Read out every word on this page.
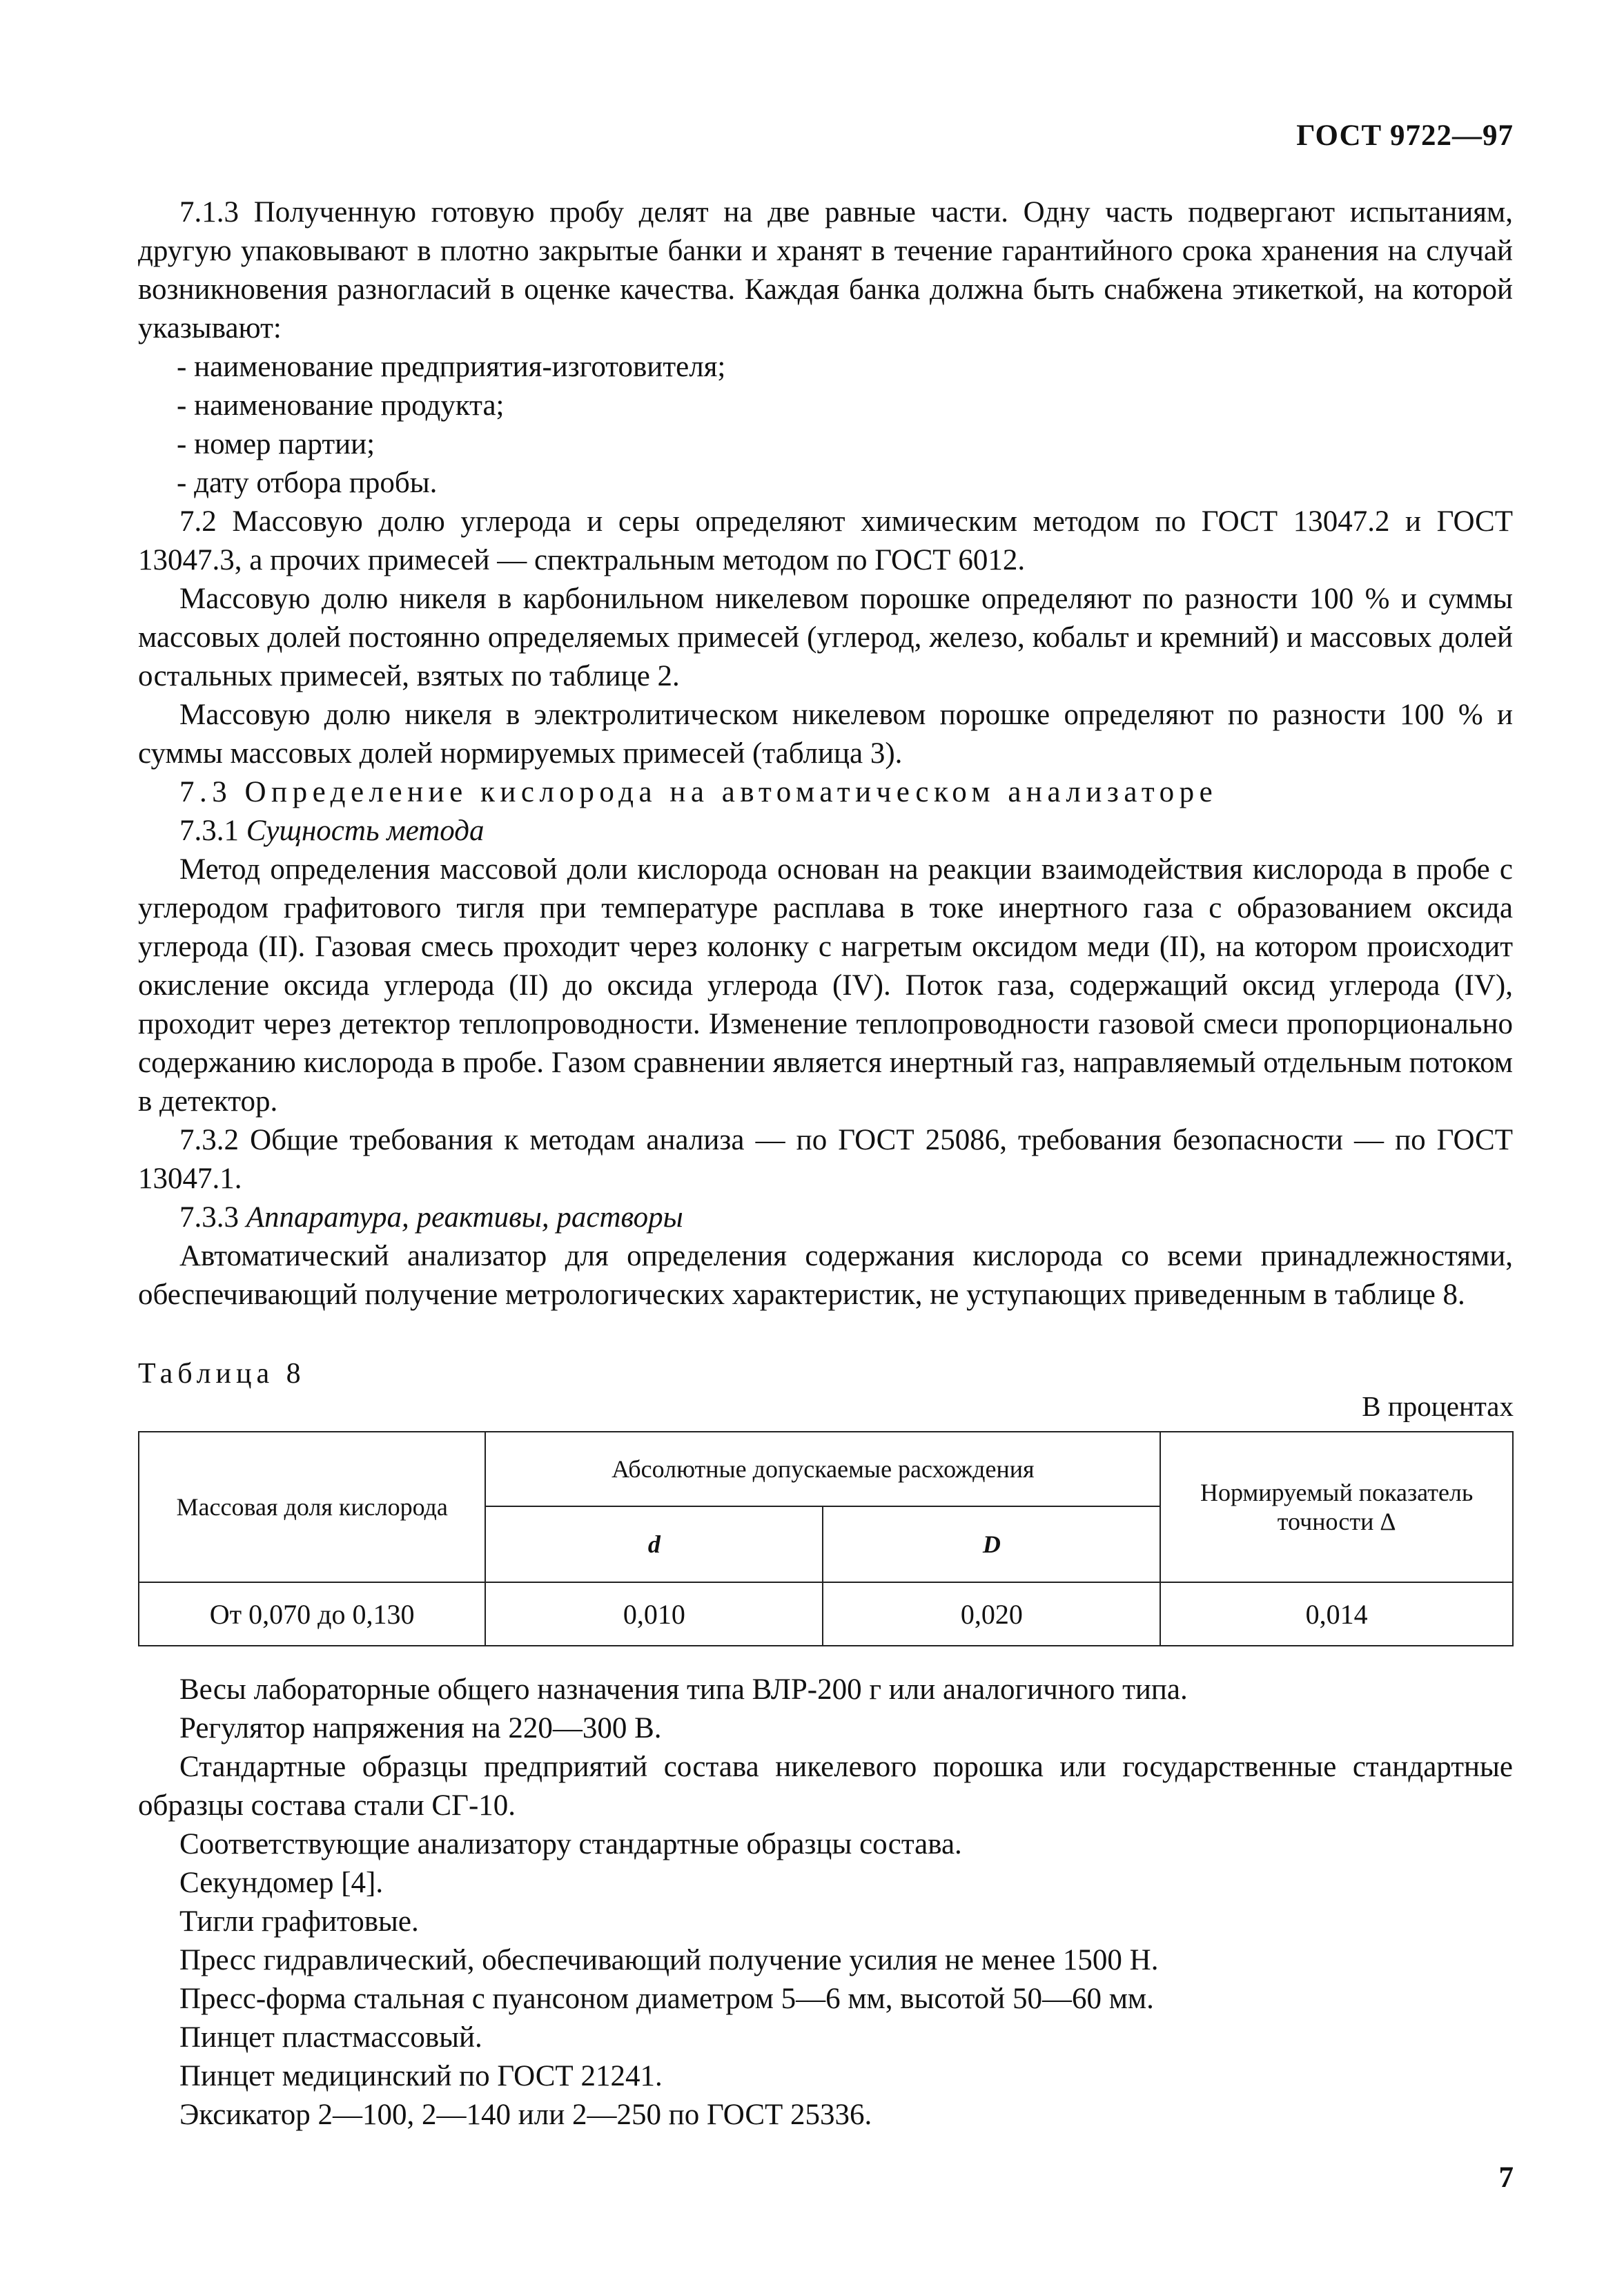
ГОСТ 9722—97

7.1.3 Полученную готовую пробу делят на две равные части. Одну часть подвергают испытаниям, другую упаковывают в плотно закрытые банки и хранят в течение гарантийного срока хранения на случай возникновения разногласий в оценке качества. Каждая банка должна быть снабжена этикеткой, на которой указывают:

- наименование предприятия-изготовителя;

- наименование продукта;

- номер партии;

- дату отбора пробы.

7.2 Массовую долю углерода и серы определяют химическим методом по ГОСТ 13047.2 и ГОСТ 13047.3, а прочих примесей — спектральным методом по ГОСТ 6012.

Массовую долю никеля в карбонильном никелевом порошке определяют по разности 100 % и суммы массовых долей постоянно определяемых примесей (углерод, железо, кобальт и кремний) и массовых долей остальных примесей, взятых по таблице 2.

Массовую долю никеля в электролитическом никелевом порошке определяют по разности 100 % и суммы массовых долей нормируемых примесей (таблица 3).

7.3 Определение кислорода на автоматическом анализаторе

7.3.1 Сущность метода

Метод определения массовой доли кислорода основан на реакции взаимодействия кислорода в пробе с углеродом графитового тигля при температуре расплава в токе инертного газа с образованием оксида углерода (II). Газовая смесь проходит через колонку с нагретым оксидом меди (II), на котором происходит окисление оксида углерода (II) до оксида углерода (IV). Поток газа, содержащий оксид углерода (IV), проходит через детектор теплопроводности. Изменение теплопроводности газовой смеси пропорционально содержанию кислорода в пробе. Газом сравнении является инертный газ, направляемый отдельным потоком в детектор.

7.3.2 Общие требования к методам анализа — по ГОСТ 25086, требования безопасности — по ГОСТ 13047.1.

7.3.3 Аппаратура, реактивы, растворы

Автоматический анализатор для определения содержания кислорода со всеми принадлежностями, обеспечивающий получение метрологических характеристик, не уступающих приведенным в таблице 8.

Таблица 8
В процентах
Массовая доля кислорода	Абсолютные допускаемые расхождения		Нормируемый показатель точности Δ
	d	D	
От 0,070 до 0,130	0,010	0,020	0,014

Весы лабораторные общего назначения типа ВЛР-200 г или аналогичного типа.

Регулятор напряжения на 220—300 В.

Стандартные образцы предприятий состава никелевого порошка или государственные стандартные образцы состава стали СГ-10.

Соответствующие анализатору стандартные образцы состава.

Секундомер [4].

Тигли графитовые.

Пресс гидравлический, обеспечивающий получение усилия не менее 1500 Н.

Пресс-форма стальная с пуансоном диаметром 5—6 мм, высотой 50—60 мм.

Пинцет пластмассовый.

Пинцет медицинский по ГОСТ 21241.

Эксикатор 2—100, 2—140 или 2—250 по ГОСТ 25336.

7
